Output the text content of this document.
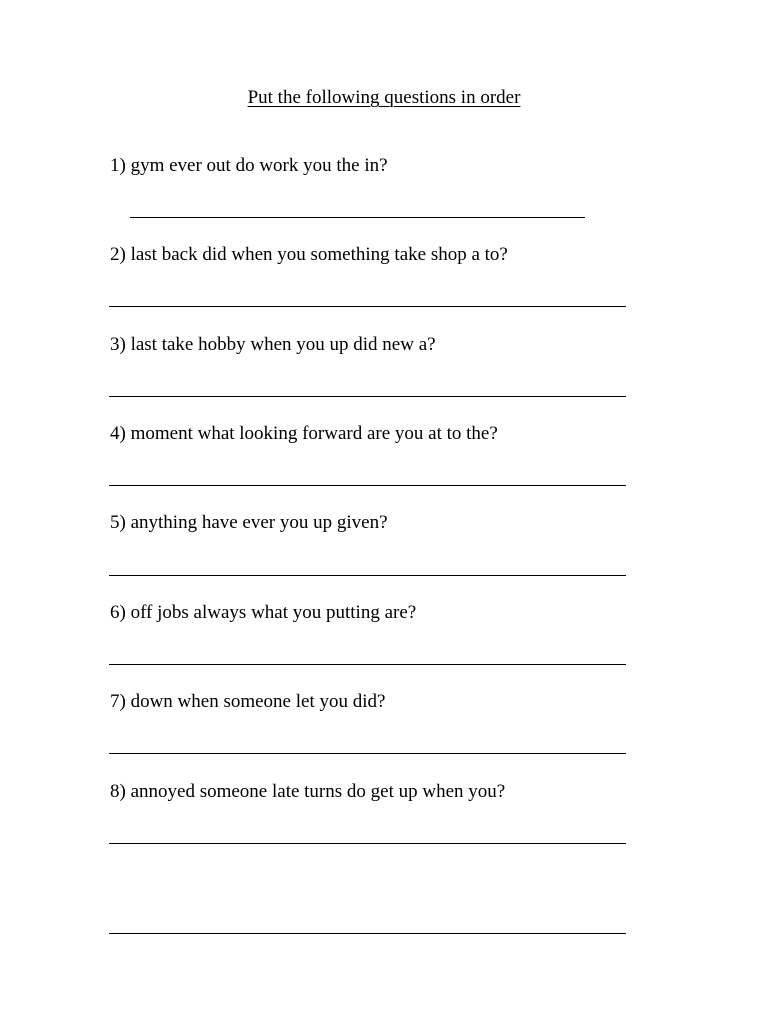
Put the following questions in order
1) gym ever out do work you the in?
2) last back did when you something take shop a to?
3) last take hobby when you up did new a?
4) moment what looking forward are you at to the?
5) anything have ever you up given?
6) off jobs always what you putting are?
7) down when someone let you did?
8) annoyed someone late turns do get up when you?
